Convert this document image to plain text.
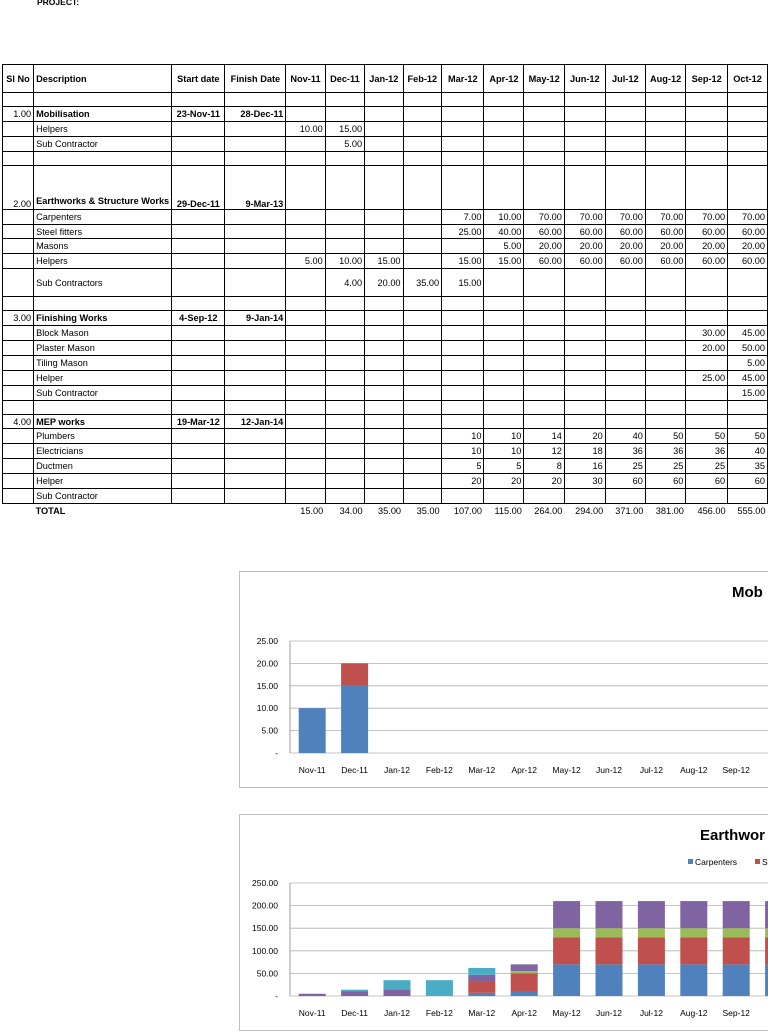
PROJECT:
Sl No	Description	Start date	Finish Date	Nov-11	Dec-11	Jan-12	Feb-12	Mar-12	Apr-12	May-12	Jun-12	Jul-12	Aug-12	Sep-12	Oct-12

1.00	Mobilisation	23-Nov-11	28-Dec-11												
	Helpers			10.00	15.00										
	Sub Contractor				5.00										

2.00	Earthworks & Structure Works	29-Dec-11	9-Mar-13												
	Carpenters							7.00	10.00	70.00	70.00	70.00	70.00	70.00	70.00
	Steel fitters							25.00	40.00	60.00	60.00	60.00	60.00	60.00	60.00
	Masons								5.00	20.00	20.00	20.00	20.00	20.00	20.00
	Helpers			5.00	10.00	15.00		15.00	15.00	60.00	60.00	60.00	60.00	60.00	60.00
	Sub Contractors				4.00	20.00	35.00	15.00							

3.00	Finishing Works	4-Sep-12	9-Jan-14												
	Block Mason													30.00	45.00
	Plaster Mason													20.00	50.00
	Tiling Mason														5.00
	Helper													25.00	45.00
	Sub Contractor														15.00

4.00	MEP works	19-Mar-12	12-Jan-14												
	Plumbers							10	10	14	20	40	50	50	50
	Electricians							10	10	12	18	36	36	36	40
	Ductmen							5	5	8	16	25	25	25	35
	Helper							20	20	20	30	60	60	60	60
	Sub Contractor														
	TOTAL			15.00	34.00	35.00	35.00	107.00	115.00	264.00	294.00	371.00	381.00	456.00	555.00
Mob
-
5.00
10.00
15.00
20.00
25.00
Nov-11 Dec-11 Jan-12 Feb-12 Mar-12 Apr-12 May-12 Jun-12 Jul-12 Aug-12 Sep-12
Earthwor
-
50.00
100.00
150.00
200.00
250.00
Nov-11 Dec-11 Jan-12 Feb-12 Mar-12 Apr-12 May-12 Jun-12 Jul-12 Aug-12 Sep-12
Carpenters	S
